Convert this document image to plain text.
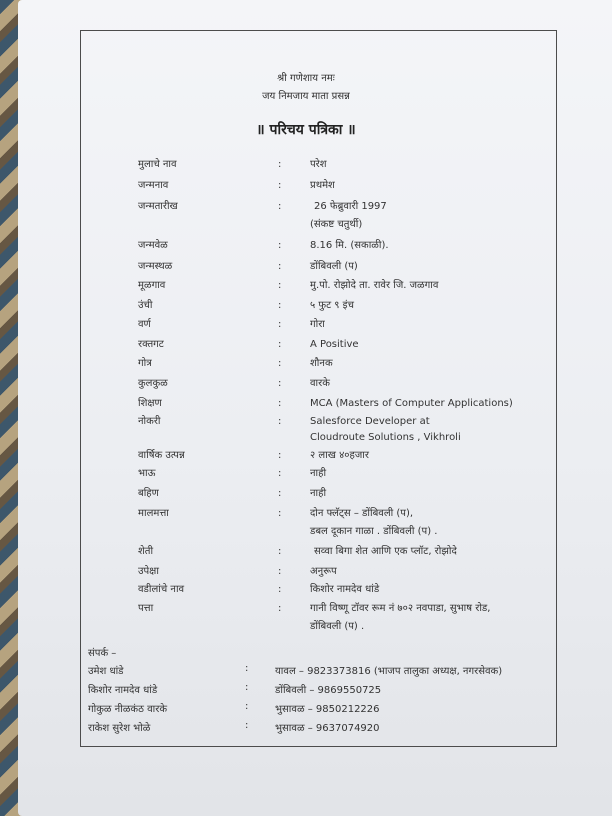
श्री गणेशाय नमः
जय निमजाय माता प्रसन्न
॥ परिचय पत्रिका ॥
मुलाचे नाव	:	परेश
जन्मनाव	:	प्रथमेश
जन्मतारीख	:	26 फेब्रुवारी 1997
(संकष्ट चतुर्थी)
जन्मवेळ	:	8.16 मि. (सकाळी).
जन्मस्थळ	:	डोंबिवली (प)
मूळगाव	:	मु.पो. रोझोदे ता. रावेर जि. जळगाव
उंची	:	५ फुट ९ इंच
वर्ण	:	गोरा
रक्तगट	:	A Positive
गोत्र	:	शौनक
कुलकुळ	:	वारके
शिक्षण	:	MCA (Masters of Computer Applications)
नोकरी	:	Salesforce Developer at
Cloudroute Solutions , Vikhroli
वार्षिक उत्पन्न	:	२ लाख ४०हजार
भाऊ	:	नाही
बहिण	:	नाही
मालमत्ता	:	दोन फ्लॅट्स – डोंबिवली (प),
डबल दूकान गाळा . डोंबिवली (प) .
शेती	:	सव्वा बिगा शेत आणि एक प्लॉट, रोझोदे
उपेक्षा	:	अनुरूप
वडीलांचे नाव	:	किशोर नामदेव धांडे
पत्ता	:	गानी विष्णू टॉवर रूम नं ७०२ नवपाडा, सुभाष रोड,
डोंबिवली (प) .
संपर्क –
उमेश धांडे	:	यावल – 9823373816 (भाजप तालुका अध्यक्ष, नगरसेवक)
किशोर नामदेव धांडे	:	डोंबिवली – 9869550725
गोकुळ नीळकंठ वारके	:	भुसावळ – 9850212226
राकेश सुरेश भोळे	:	भुसावळ – 9637074920
